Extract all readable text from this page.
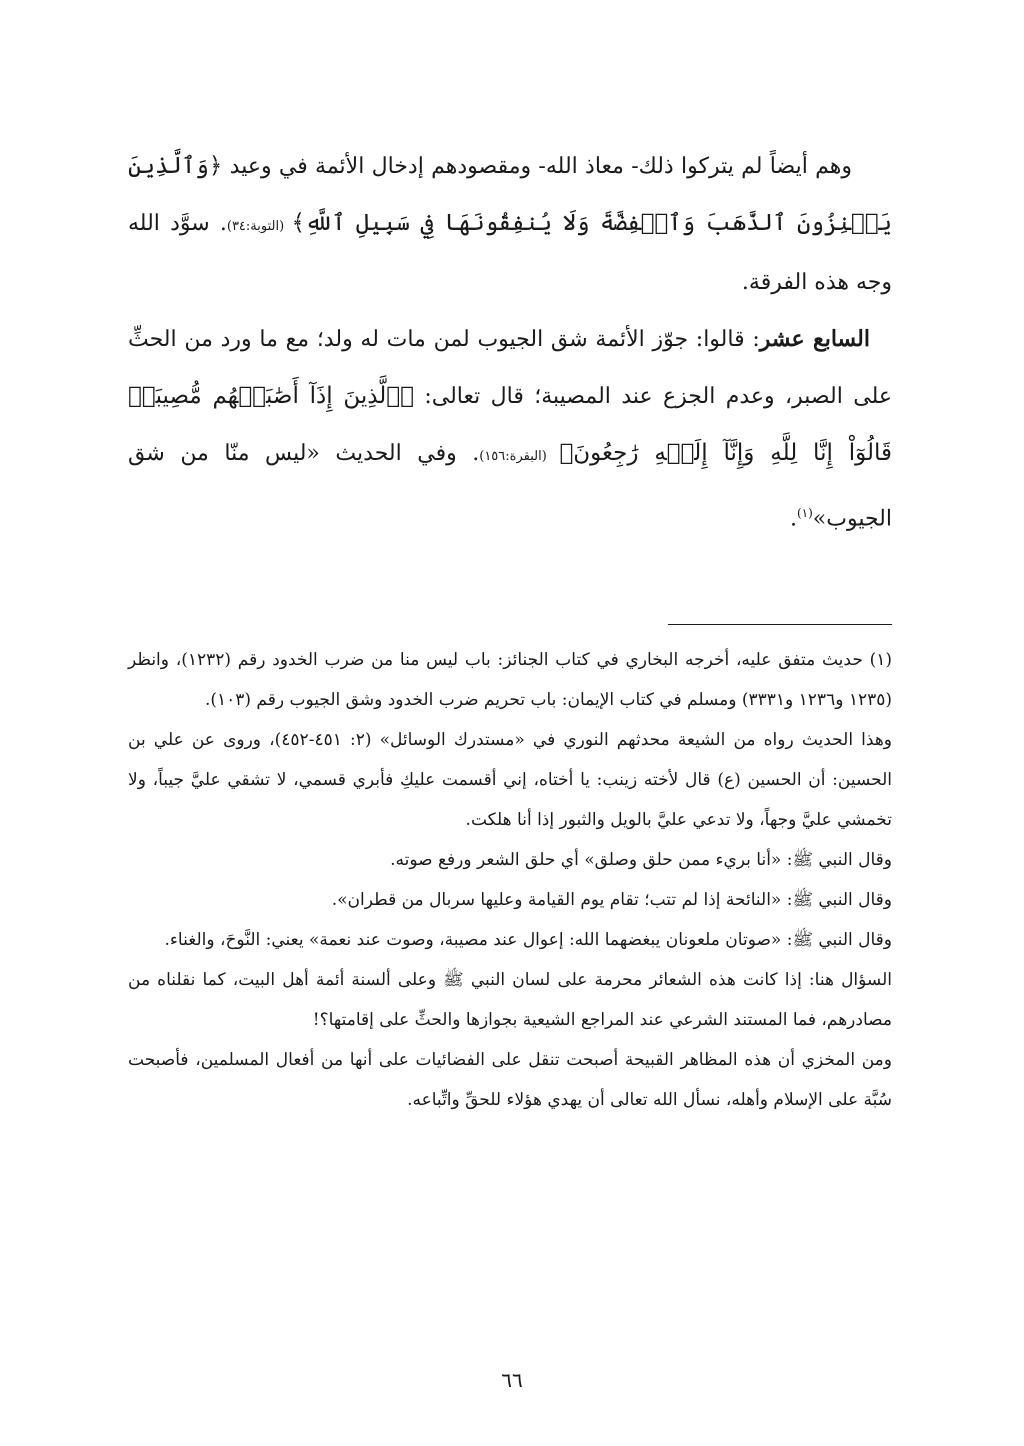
وهم أيضاً لم يتركوا ذلك- معاذ الله- ومقصودهم إدخال الأئمة في وعيد ﴿وَٱلَّذِينَ يَكۡنِزُونَ ٱلذَّهَبَ وَٱلۡفِضَّةَ وَلَا يُنفِقُونَهَا فِي سَبِيلِ ٱللَّهِ﴾ (التوبة:٣٤). سوَّد الله وجه هذه الفرقة.

السابع عشر: قالوا: جوّز الأئمة شق الجيوب لمن مات له ولد؛ مع ما ورد من الحثِّ على الصبر، وعدم الجزع عند المصيبة؛ قال تعالى: ﴿ٱلَّذِينَ إِذَآ أَصَٰبَتۡهُم مُّصِيبَةٞ قَالُوٓاْ إِنَّا لِلَّهِ وَإِنَّآ إِلَيۡهِ رَٰجِعُونَ﴾ (البقرة:١٥٦). وفي الحديث «ليس منّا من شق الجيوب»$^{(١)}$.

(١) حديث متفق عليه، أخرجه البخاري في كتاب الجنائز: باب ليس منا من ضرب الخدود رقم (١٢٣٢)، وانظر (١٢٣٥ و١٢٣٦ و٣٣٣١) ومسلم في كتاب الإيمان: باب تحريم ضرب الخدود وشق الجيوب رقم (١٠٣).

وهذا الحديث رواه من الشيعة محدثهم النوري في «مستدرك الوسائل» (٢: ٤٥١-٤٥٢)، وروى عن علي بن الحسين: أن الحسين (ع) قال لأخته زينب: يا أختاه، إني أقسمت عليكِ فأبري قسمي، لا تشقي عليَّ جيباً، ولا تخمشي عليَّ وجهاً، ولا تدعي عليَّ بالويل والثبور إذا أنا هلكت.

وقال النبي ﷺ: «أنا بريء ممن حلق وصلق» أي حلق الشعر ورفع صوته.

وقال النبي ﷺ: «النائحة إذا لم تتب؛ تقام يوم القيامة وعليها سربال من قطران».

وقال النبي ﷺ: «صوتان ملعونان يبغضهما الله: إعوال عند مصيبة، وصوت عند نعمة» يعني: النَّوحَ، والغناء.

السؤال هنا: إذا كانت هذه الشعائر محرمة على لسان النبي ﷺ وعلى ألسنة أئمة أهل البيت، كما نقلناه من مصادرهم، فما المستند الشرعي عند المراجع الشيعية بجوازها والحثِّ على إقامتها؟!

ومن المخزي أن هذه المظاهر القبيحة أصبحت تنقل على الفضائيات على أنها من أفعال المسلمين، فأصبحت سُبَّة على الإسلام وأهله، نسأل الله تعالى أن يهدي هؤلاء للحقِّ واتِّباعه.

٦٦
